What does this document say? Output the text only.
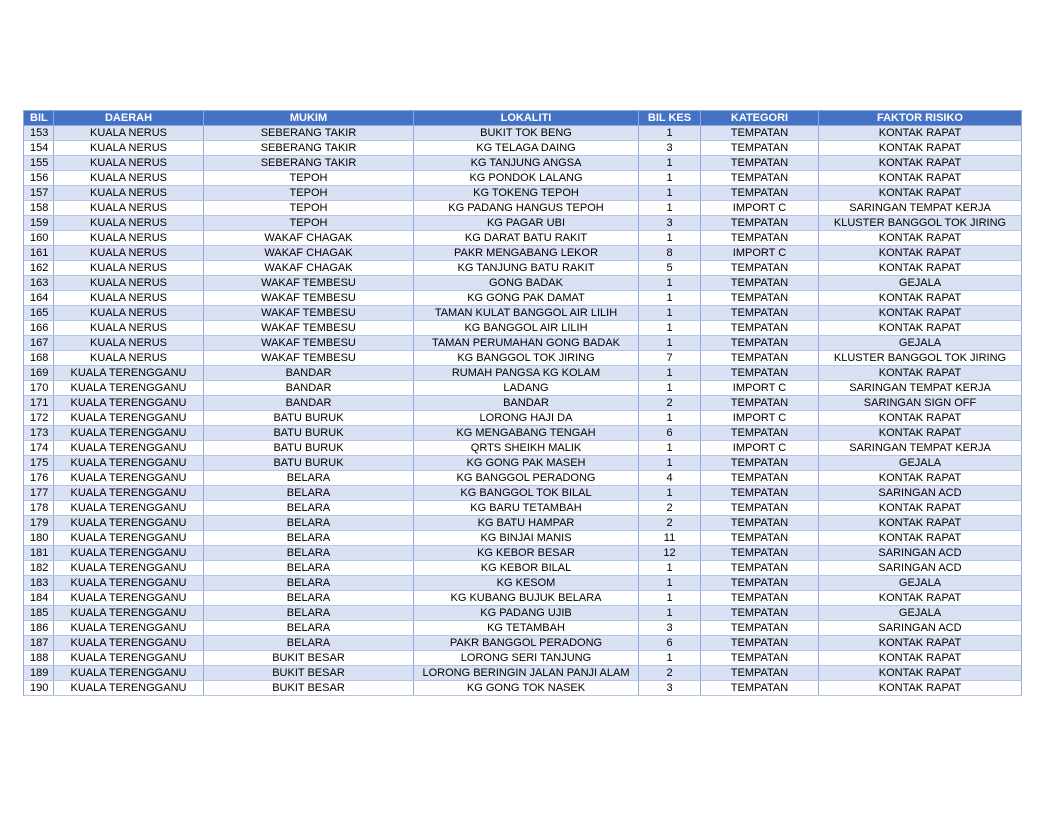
BIL	DAERAH	MUKIM	LOKALITI	BIL KES	KATEGORI	FAKTOR RISIKO
153	KUALA NERUS	SEBERANG TAKIR	BUKIT TOK BENG	1	TEMPATAN	KONTAK RAPAT
154	KUALA NERUS	SEBERANG TAKIR	KG TELAGA DAING	3	TEMPATAN	KONTAK RAPAT
155	KUALA NERUS	SEBERANG TAKIR	KG TANJUNG ANGSA	1	TEMPATAN	KONTAK RAPAT
156	KUALA NERUS	TEPOH	KG PONDOK LALANG	1	TEMPATAN	KONTAK RAPAT
157	KUALA NERUS	TEPOH	KG TOKENG TEPOH	1	TEMPATAN	KONTAK RAPAT
158	KUALA NERUS	TEPOH	KG PADANG HANGUS TEPOH	1	IMPORT C	SARINGAN TEMPAT KERJA
159	KUALA NERUS	TEPOH	KG PAGAR UBI	3	TEMPATAN	KLUSTER BANGGOL TOK JIRING
160	KUALA NERUS	WAKAF CHAGAK	KG DARAT BATU RAKIT	1	TEMPATAN	KONTAK RAPAT
161	KUALA NERUS	WAKAF CHAGAK	PAKR MENGABANG LEKOR	8	IMPORT C	KONTAK RAPAT
162	KUALA NERUS	WAKAF CHAGAK	KG TANJUNG BATU RAKIT	5	TEMPATAN	KONTAK RAPAT
163	KUALA NERUS	WAKAF TEMBESU	GONG BADAK	1	TEMPATAN	GEJALA
164	KUALA NERUS	WAKAF TEMBESU	KG GONG PAK DAMAT	1	TEMPATAN	KONTAK RAPAT
165	KUALA NERUS	WAKAF TEMBESU	TAMAN KULAT BANGGOL AIR LILIH	1	TEMPATAN	KONTAK RAPAT
166	KUALA NERUS	WAKAF TEMBESU	KG BANGGOL AIR LILIH	1	TEMPATAN	KONTAK RAPAT
167	KUALA NERUS	WAKAF TEMBESU	TAMAN PERUMAHAN GONG BADAK	1	TEMPATAN	GEJALA
168	KUALA NERUS	WAKAF TEMBESU	KG BANGGOL TOK JIRING	7	TEMPATAN	KLUSTER BANGGOL TOK JIRING
169	KUALA TERENGGANU	BANDAR	RUMAH PANGSA KG KOLAM	1	TEMPATAN	KONTAK RAPAT
170	KUALA TERENGGANU	BANDAR	LADANG	1	IMPORT C	SARINGAN TEMPAT KERJA
171	KUALA TERENGGANU	BANDAR	BANDAR	2	TEMPATAN	SARINGAN SIGN OFF
172	KUALA TERENGGANU	BATU BURUK	LORONG HAJI DA	1	IMPORT C	KONTAK RAPAT
173	KUALA TERENGGANU	BATU BURUK	KG MENGABANG TENGAH	6	TEMPATAN	KONTAK RAPAT
174	KUALA TERENGGANU	BATU BURUK	QRTS SHEIKH MALIK	1	IMPORT C	SARINGAN TEMPAT KERJA
175	KUALA TERENGGANU	BATU BURUK	KG GONG PAK MASEH	1	TEMPATAN	GEJALA
176	KUALA TERENGGANU	BELARA	KG BANGGOL PERADONG	4	TEMPATAN	KONTAK RAPAT
177	KUALA TERENGGANU	BELARA	KG BANGGOL TOK BILAL	1	TEMPATAN	SARINGAN ACD
178	KUALA TERENGGANU	BELARA	KG BARU TETAMBAH	2	TEMPATAN	KONTAK RAPAT
179	KUALA TERENGGANU	BELARA	KG BATU HAMPAR	2	TEMPATAN	KONTAK RAPAT
180	KUALA TERENGGANU	BELARA	KG BINJAI MANIS	11	TEMPATAN	KONTAK RAPAT
181	KUALA TERENGGANU	BELARA	KG KEBOR BESAR	12	TEMPATAN	SARINGAN ACD
182	KUALA TERENGGANU	BELARA	KG KEBOR BILAL	1	TEMPATAN	SARINGAN ACD
183	KUALA TERENGGANU	BELARA	KG KESOM	1	TEMPATAN	GEJALA
184	KUALA TERENGGANU	BELARA	KG KUBANG BUJUK BELARA	1	TEMPATAN	KONTAK RAPAT
185	KUALA TERENGGANU	BELARA	KG PADANG UJIB	1	TEMPATAN	GEJALA
186	KUALA TERENGGANU	BELARA	KG TETAMBAH	3	TEMPATAN	SARINGAN ACD
187	KUALA TERENGGANU	BELARA	PAKR BANGGOL PERADONG	6	TEMPATAN	KONTAK RAPAT
188	KUALA TERENGGANU	BUKIT BESAR	LORONG SERI TANJUNG	1	TEMPATAN	KONTAK RAPAT
189	KUALA TERENGGANU	BUKIT BESAR	LORONG BERINGIN JALAN PANJI ALAM	2	TEMPATAN	KONTAK RAPAT
190	KUALA TERENGGANU	BUKIT BESAR	KG GONG TOK NASEK	3	TEMPATAN	KONTAK RAPAT
